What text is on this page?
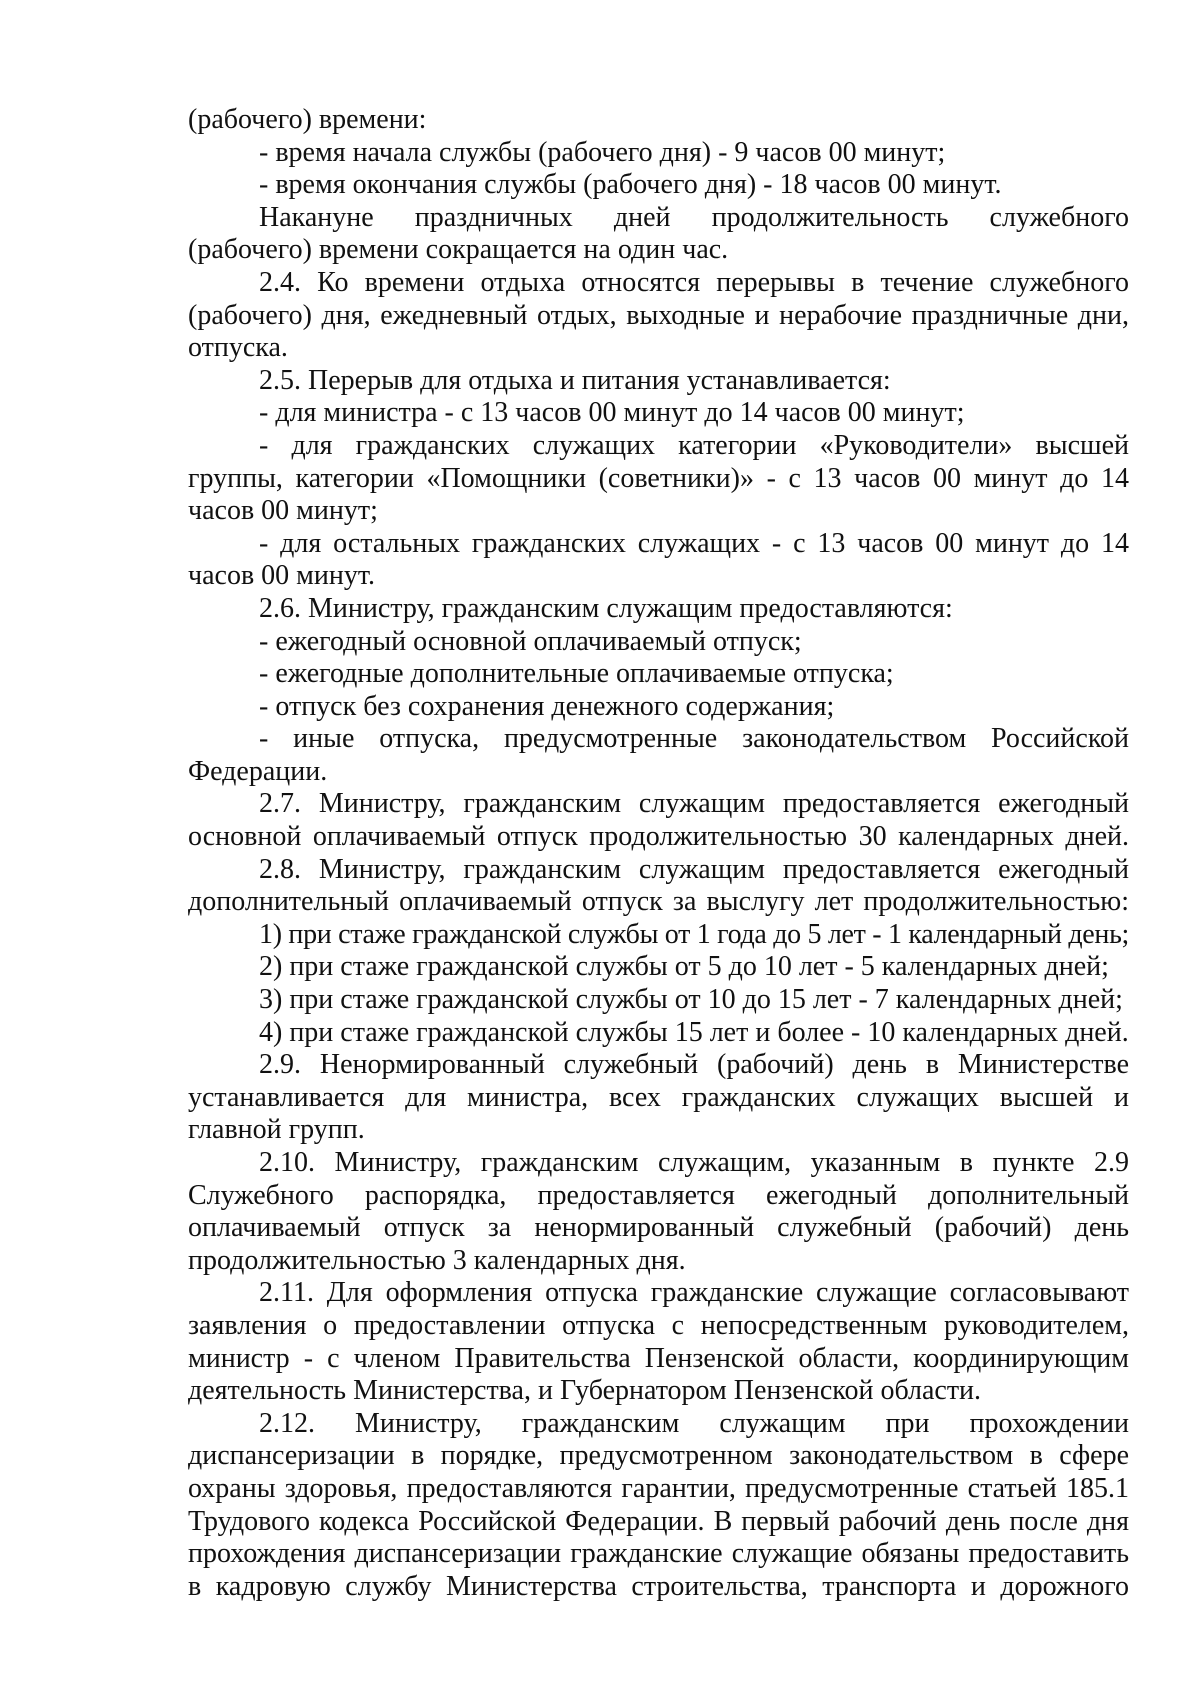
(рабочего) времени:
- время начала службы (рабочего дня) - 9 часов 00 минут;
- время окончания службы (рабочего дня) - 18 часов 00 минут.
Накануне праздничных дней продолжительность служебного
(рабочего) времени сокращается на один час.
2.4. Ко времени отдыха относятся перерывы в течение служебного
(рабочего) дня, ежедневный отдых, выходные и нерабочие праздничные дни,
отпуска.
2.5. Перерыв для отдыха и питания устанавливается:
- для министра - с 13 часов 00 минут до 14 часов 00 минут;
- для гражданских служащих категории «Руководители» высшей
группы, категории «Помощники (советники)» - с 13 часов 00 минут до 14
часов 00 минут;
- для остальных гражданских служащих - с 13 часов 00 минут до 14
часов 00 минут.
2.6. Министру, гражданским служащим предоставляются:
- ежегодный основной оплачиваемый отпуск;
- ежегодные дополнительные оплачиваемые отпуска;
- отпуск без сохранения денежного содержания;
- иные отпуска, предусмотренные законодательством Российской
Федерации.
2.7. Министру, гражданским служащим предоставляется ежегодный
основной оплачиваемый отпуск продолжительностью 30 календарных дней.
2.8. Министру, гражданским служащим предоставляется ежегодный
дополнительный оплачиваемый отпуск за выслугу лет продолжительностью:
1) при стаже гражданской службы от 1 года до 5 лет - 1 календарный день;
2) при стаже гражданской службы от 5 до 10 лет - 5 календарных дней;
3) при стаже гражданской службы от 10 до 15 лет - 7 календарных дней;
4) при стаже гражданской службы 15 лет и более - 10 календарных дней.
2.9. Ненормированный служебный (рабочий) день в Министерстве
устанавливается для министра, всех гражданских служащих высшей и
главной групп.
2.10. Министру, гражданским служащим, указанным в пункте 2.9
Служебного распорядка, предоставляется ежегодный дополнительный
оплачиваемый отпуск за ненормированный служебный (рабочий) день
продолжительностью 3 календарных дня.
2.11. Для оформления отпуска гражданские служащие согласовывают
заявления о предоставлении отпуска с непосредственным руководителем,
министр - с членом Правительства Пензенской области, координирующим
деятельность Министерства, и Губернатором Пензенской области.
2.12. Министру, гражданским служащим при прохождении
диспансеризации в порядке, предусмотренном законодательством в сфере
охраны здоровья, предоставляются гарантии, предусмотренные статьей 185.1
Трудового кодекса Российской Федерации. В первый рабочий день после дня
прохождения диспансеризации гражданские служащие обязаны предоставить
в кадровую службу Министерства строительства, транспорта и дорожного
